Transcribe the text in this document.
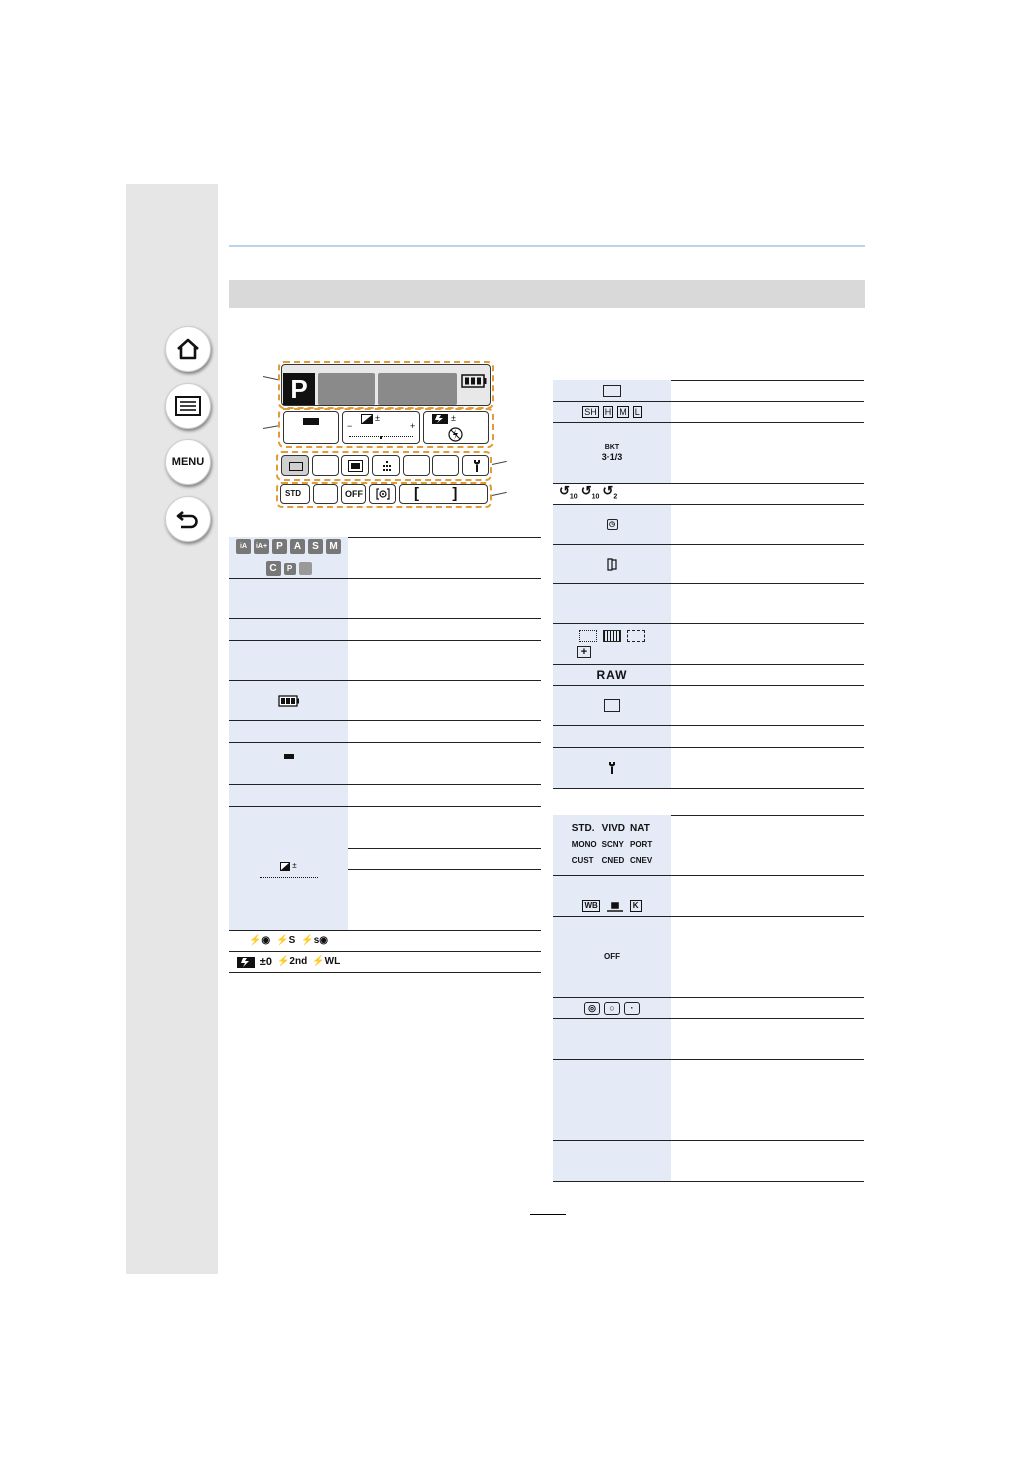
MENU
P
±
−	+
±
STD	OFF	[        ]
iA	iA+ P	A	S	M
C	P
±
⚡◉ ⚡S ⚡s◉
±0 ⚡2nd ⚡WL
SH H M L
BKT
3·1/3
$↺_{10}$ $↺_{10}$ $↺_2$
◷
+
RAW
STD. VIVD NAT
MONO SCNY PORT
CUST	CNED CNEV
WB	K
OFF
◎	○	·
